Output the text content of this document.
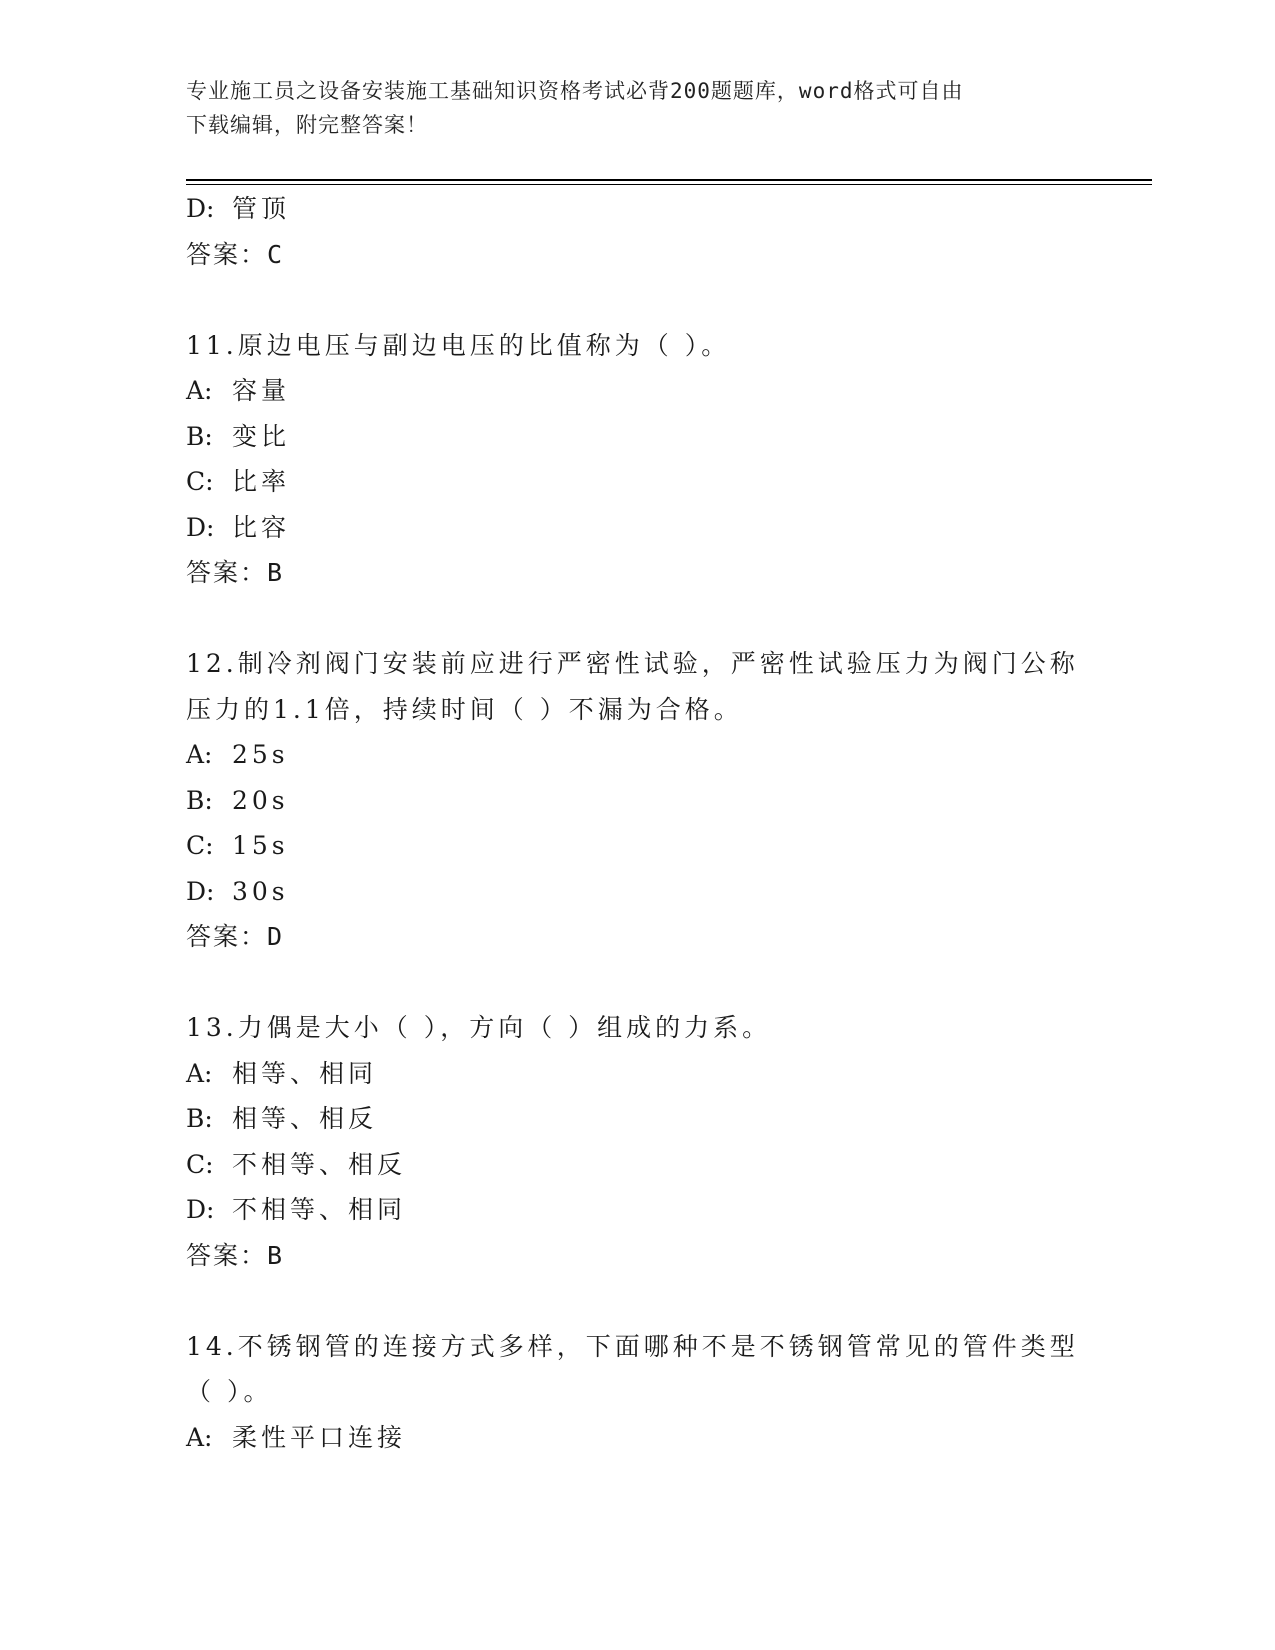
专业施工员之设备安装施工基础知识资格考试必背200题题库，word格式可自由
下载编辑，附完整答案！
D: 管顶
答案：C
11.原边电压与副边电压的比值称为（ ）。
A: 容量
B: 变比
C: 比率
D: 比容
答案：B
12.制冷剂阀门安装前应进行严密性试验，严密性试验压力为阀门公称
压力的1.1倍，持续时间（ ）不漏为合格。
A: 25s
B: 20s
C: 15s
D: 30s
答案：D
13.力偶是大小（ ），方向（ ）组成的力系。
A: 相等、相同
B: 相等、相反
C: 不相等、相反
D: 不相等、相同
答案：B
14.不锈钢管的连接方式多样，下面哪种不是不锈钢管常见的管件类型
（ ）。
A: 柔性平口连接
